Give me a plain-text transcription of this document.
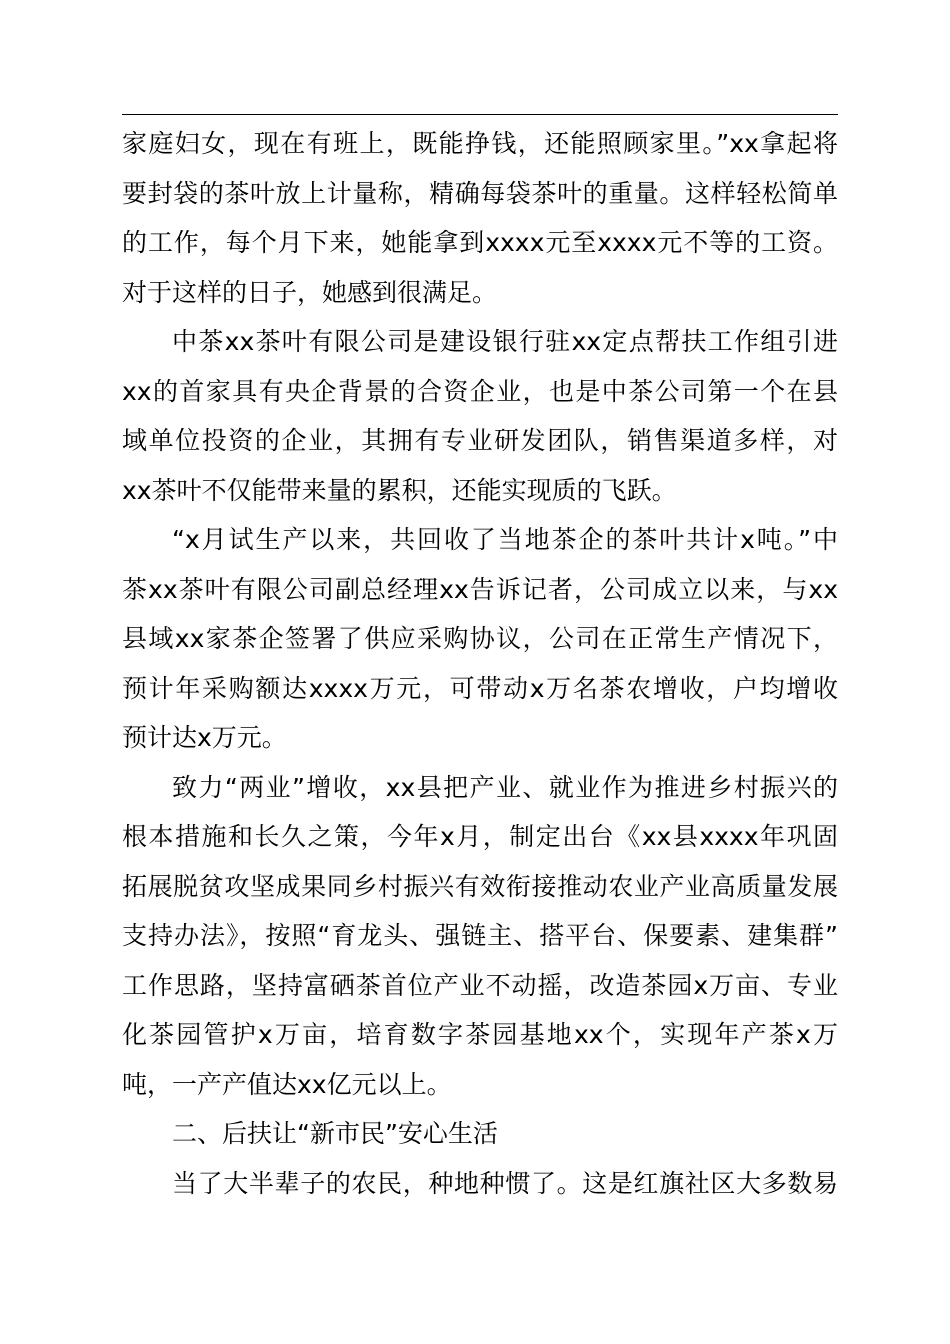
家庭妇女，现在有班上，既能挣钱，还能照顾家里。”xx拿起将
要封袋的茶叶放上计量称，精确每袋茶叶的重量。这样轻松简单
的工作，每个月下来，她能拿到xxxx元至xxxx元不等的工资。
对于这样的日子，她感到很满足。
中茶xx茶叶有限公司是建设银行驻xx定点帮扶工作组引进
xx的首家具有央企背景的合资企业，也是中茶公司第一个在县
域单位投资的企业，其拥有专业研发团队，销售渠道多样，对
xx茶叶不仅能带来量的累积，还能实现质的飞跃。
“x月试生产以来，共回收了当地茶企的茶叶共计x吨。”中
茶xx茶叶有限公司副总经理xx告诉记者，公司成立以来，与xx
县域xx家茶企签署了供应采购协议，公司在正常生产情况下，
预计年采购额达xxxx万元，可带动x万名茶农增收，户均增收
预计达x万元。
致力“两业”增收，xx县把产业、就业作为推进乡村振兴的
根本措施和长久之策，今年x月，制定出台《xx县xxxx年巩固
拓展脱贫攻坚成果同乡村振兴有效衔接推动农业产业高质量发展
支持办法》，按照“育龙头、强链主、搭平台、保要素、建集群”
工作思路，坚持富硒茶首位产业不动摇，改造茶园x万亩、专业
化茶园管护x万亩，培育数字茶园基地xx个，实现年产茶x万
吨，一产产值达xx亿元以上。
二、后扶让“新市民”安心生活
当了大半辈子的农民，种地种惯了。这是红旗社区大多数易
